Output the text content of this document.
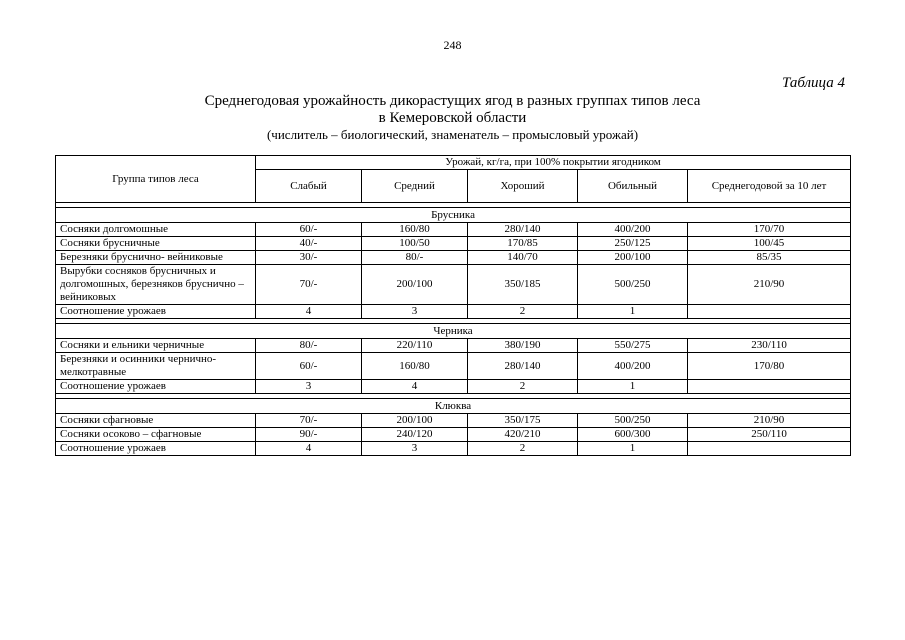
248
Таблица 4
Среднегодовая урожайность дикорастущих ягод в разных группах типов леса
в Кемеровской области
(числитель – биологический, знаменатель – промысловый урожай)
Группа типов леса	Урожай, кг/га, при 100% покрытии ягодником				
	Слабый	Средний	Хороший	Обильный	Среднегодовой за 10 лет

Брусника					
Сосняки долгомошные	60/-	160/80	280/140	400/200	170/70
Сосняки брусничные	40/-	100/50	170/85	250/125	100/45
Березняки бруснично- вейниковые	30/-	80/-	140/70	200/100	85/35
Вырубки сосняков брусничных и долгомошных, березняков бруснично – вейниковых	70/-	200/100	350/185	500/250	210/90
Соотношение урожаев	4	3	2	1	

Черника					
Сосняки и ельники черничные	80/-	220/110	380/190	550/275	230/110
Березняки и осинники чернично-мелкотравные	60/-	160/80	280/140	400/200	170/80
Соотношение урожаев	3	4	2	1	

Клюква					
Сосняки сфагновые	70/-	200/100	350/175	500/250	210/90
Сосняки осоково – сфагновые	90/-	240/120	420/210	600/300	250/110
Соотношение урожаев	4	3	2	1	
